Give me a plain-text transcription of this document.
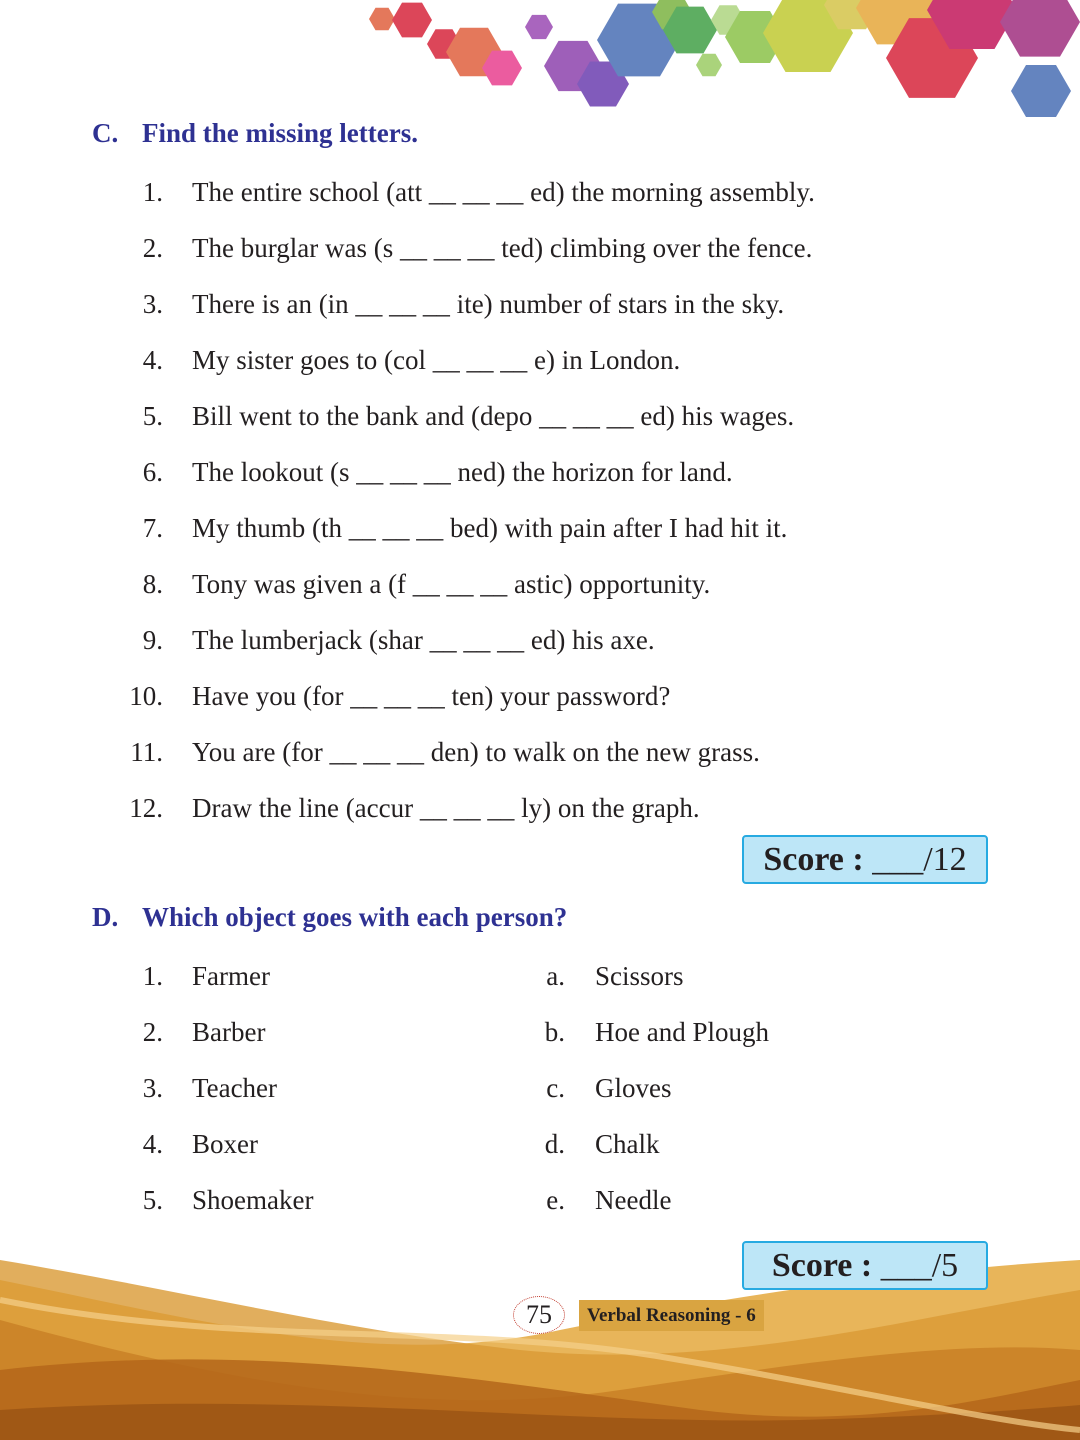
C. Find the missing letters.
1. The entire school (att __ __ __ ed) the morning assembly.
2. The burglar was (s __ __ __ ted) climbing over the fence.
3. There is an (in __ __ __ ite) number of stars in the sky.
4. My sister goes to (col __ __ __ e) in London.
5. Bill went to the bank and (depo __ __ __ ed) his wages.
6. The lookout (s __ __ __ ned) the horizon for land.
7. My thumb (th __ __ __ bed) with pain after I had hit it.
8. Tony was given a (f __ __ __ astic) opportunity.
9. The lumberjack (shar __ __ __ ed) his axe.
10. Have you (for __ __ __ ten) your password?
11. You are (for __ __ __ den) to walk on the new grass.
12. Draw the line (accur __ __ __ ly) on the graph.
Score : ___/12
D. Which object goes with each person?
1. Farmer
2. Barber
3. Teacher
4. Boxer
5. Shoemaker
a. Scissors
b. Hoe and Plough
c. Gloves
d. Chalk
e. Needle
Score : ___/5
75	Verbal Reasoning - 6
